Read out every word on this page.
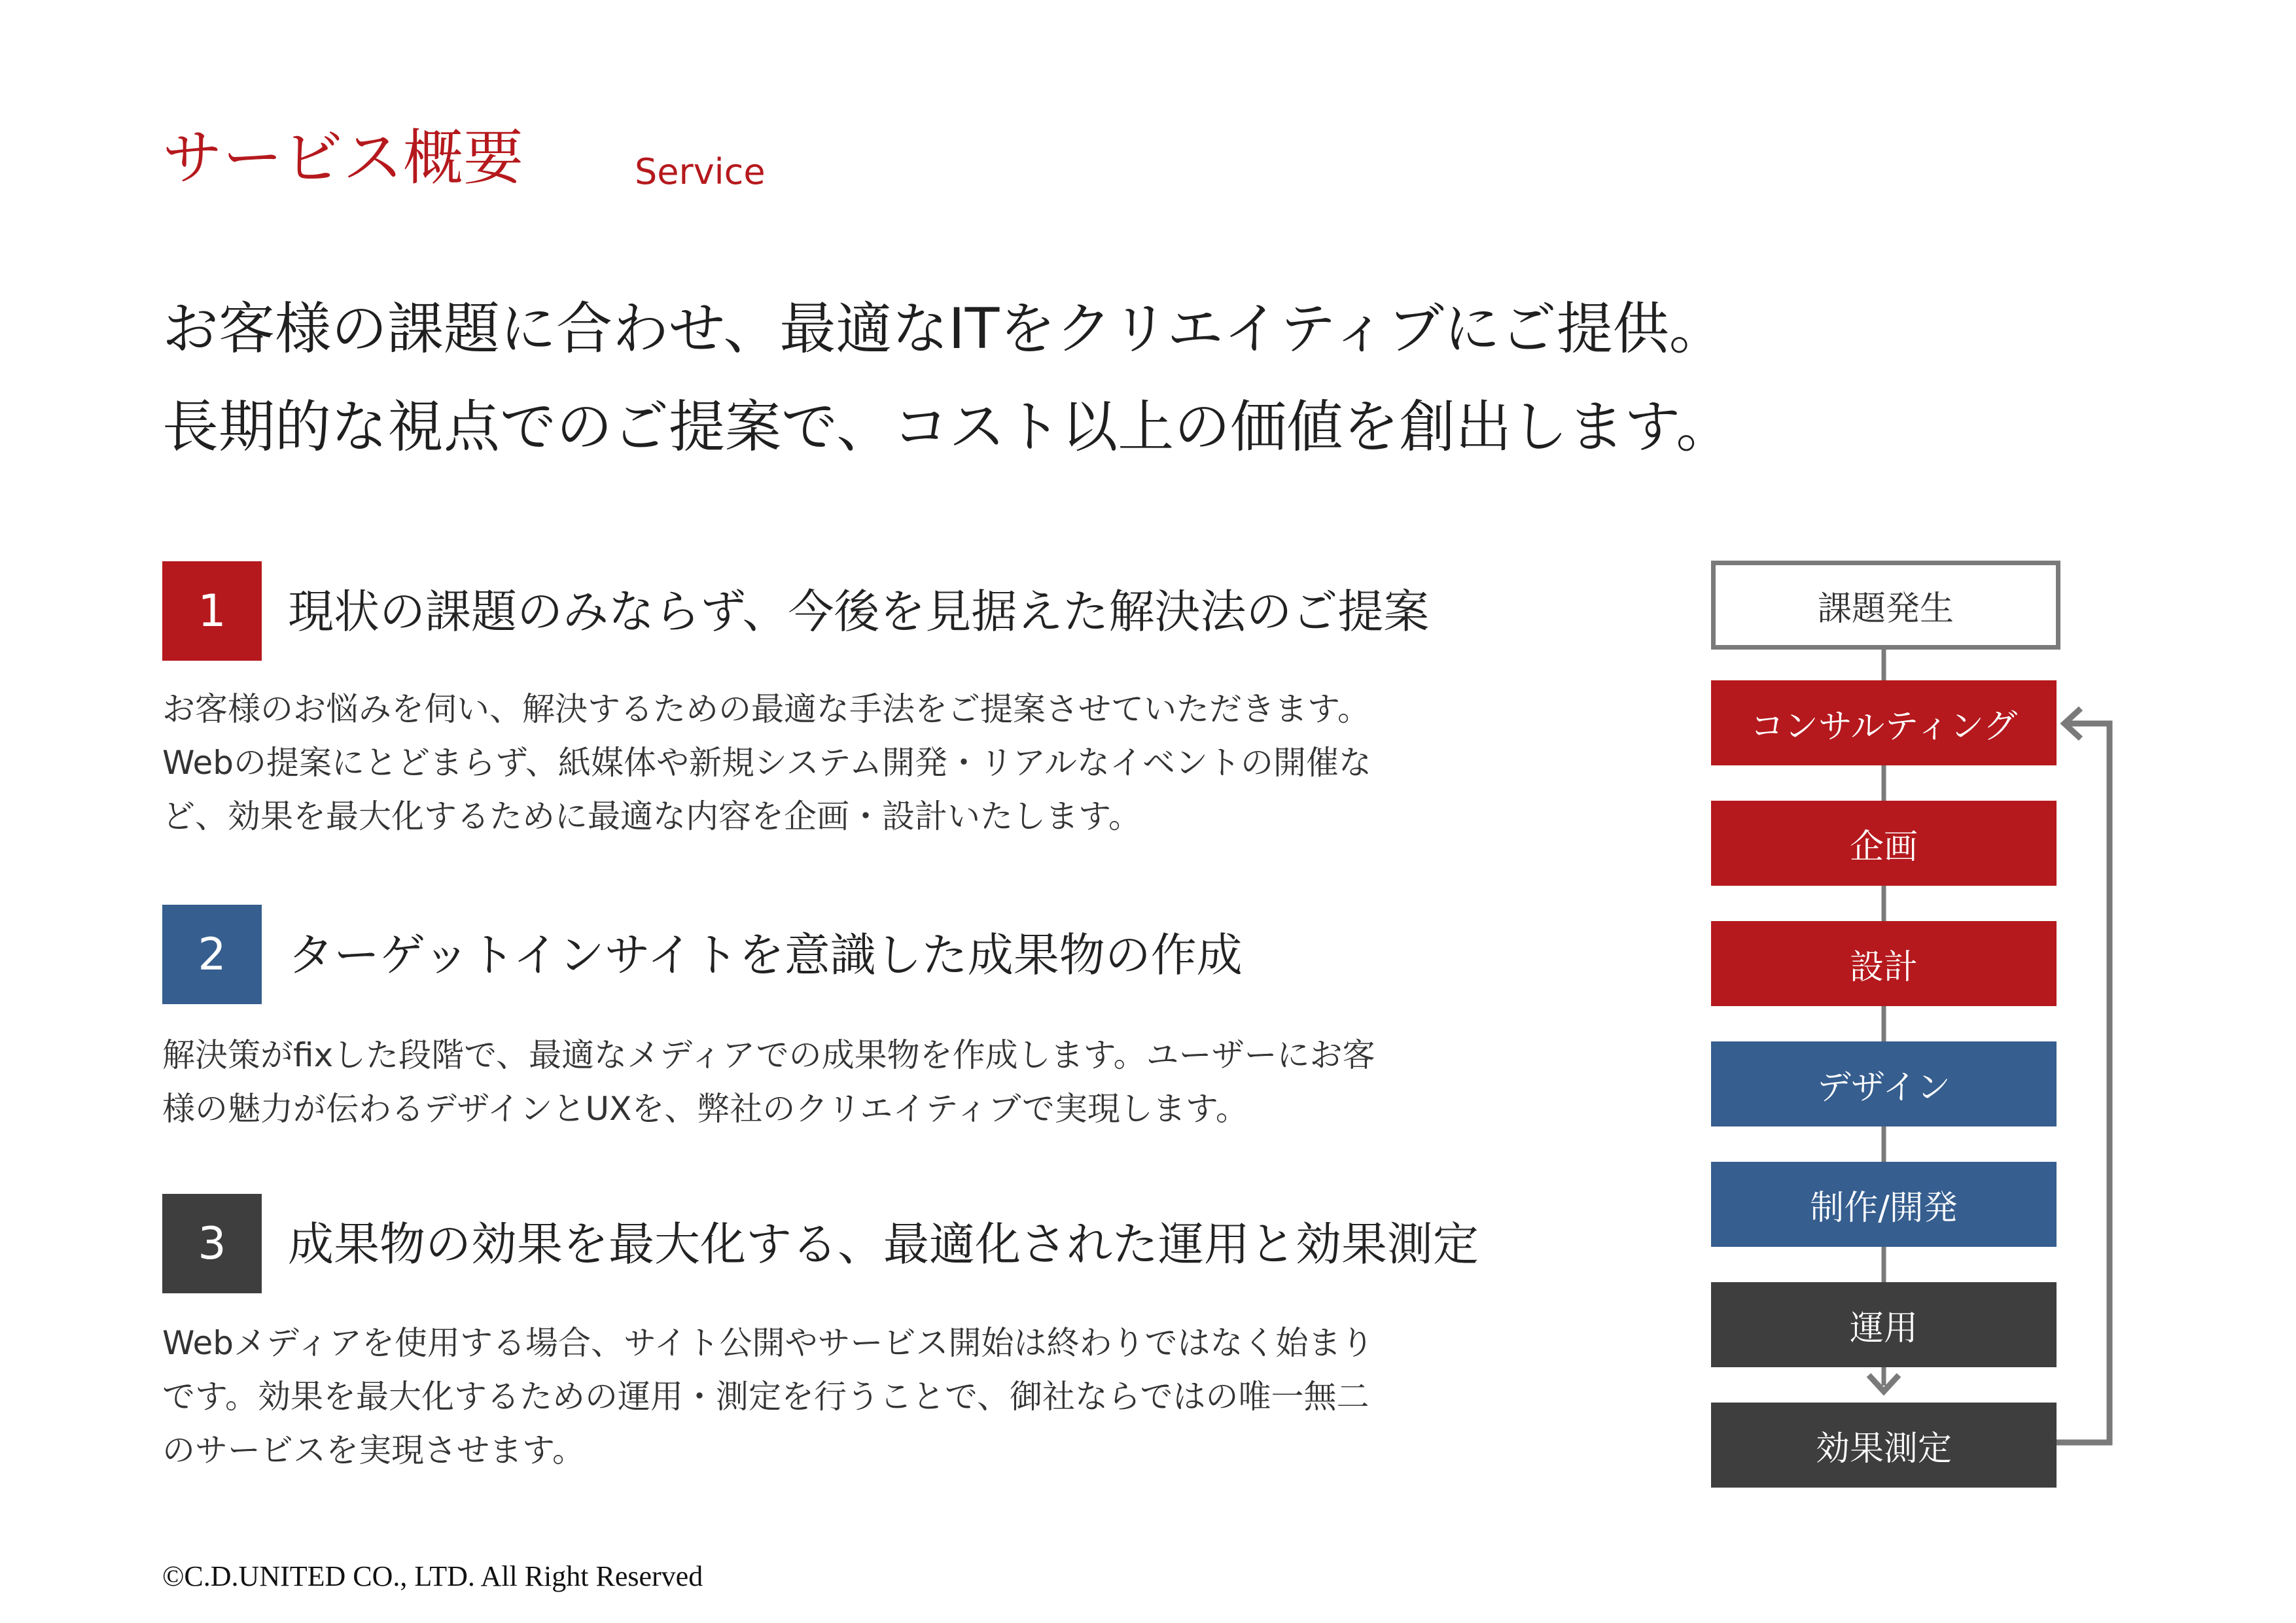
サービス概要	Service
お客様の課題に合わせ、最適なITをクリエイティブにご提供。
長期的な視点でのご提案で、コスト以上の価値を創出します。
1	現状の課題のみならず、今後を見据えた解決法のご提案
お客様のお悩みを伺い、解決するための最適な手法をご提案させていただきます。
Webの提案にとどまらず、紙媒体や新規システム開発・リアルなイベントの開催な
ど、効果を最大化するために最適な内容を企画・設計いたします。
2	ターゲットインサイトを意識した成果物の作成
解決策がfixした段階で、最適なメディアでの成果物を作成します。ユーザーにお客
様の魅力が伝わるデザインとUXを、弊社のクリエイティブで実現します。
3	成果物の効果を最大化する、最適化された運用と効果測定
Webメディアを使用する場合、サイト公開やサービス開始は終わりではなく始まり
です。効果を最大化するための運用・測定を行うことで、御社ならではの唯一無二
のサービスを実現させます。
課題発生
コンサルティング
企画
設計
デザイン
制作/開発
運用
効果測定
©C.D.UNITED CO., LTD. All Right Reserved
